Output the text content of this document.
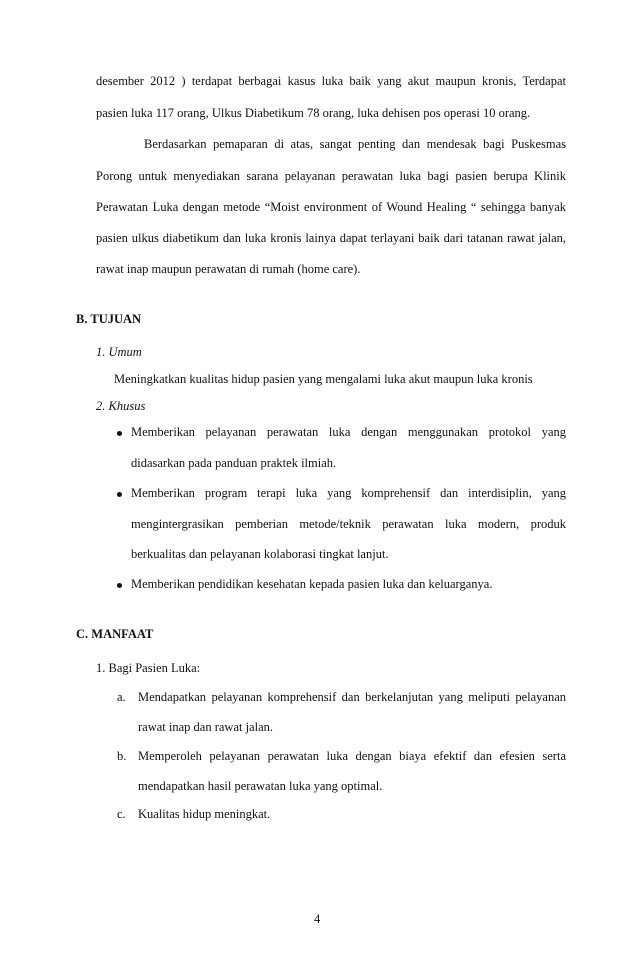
desember 2012 ) terdapat berbagai kasus luka baik yang akut maupun kronis, Terdapat
pasien luka 117 orang, Ulkus Diabetikum 78 orang, luka dehisen pos operasi 10 orang.
Berdasarkan pemaparan di atas, sangat penting dan mendesak bagi Puskesmas
Porong untuk menyediakan sarana pelayanan perawatan luka bagi pasien berupa Klinik
Perawatan Luka dengan metode “Moist environment of Wound Healing “ sehingga banyak
pasien ulkus diabetikum dan luka kronis lainya dapat terlayani baik dari tatanan rawat jalan,
rawat inap maupun perawatan di rumah (home care).
B. TUJUAN
1. Umum
Meningkatkan kualitas hidup pasien yang mengalami luka akut maupun luka kronis
2. Khusus
Memberikan pelayanan perawatan luka dengan menggunakan protokol yang
didasarkan pada panduan praktek ilmiah.
Memberikan program terapi luka yang komprehensif dan interdisiplin, yang
mengintergrasikan pemberian metode/teknik perawatan luka modern, produk
berkualitas dan pelayanan kolaborasi tingkat lanjut.
Memberikan pendidikan kesehatan kepada pasien luka dan keluarganya.
C. MANFAAT
1. Bagi Pasien Luka:
a. Mendapatkan pelayanan komprehensif dan berkelanjutan yang meliputi pelayanan
rawat inap dan rawat jalan.
b. Memperoleh pelayanan perawatan luka dengan biaya efektif dan efesien serta
mendapatkan hasil perawatan luka yang optimal.
c. Kualitas hidup meningkat.
4
